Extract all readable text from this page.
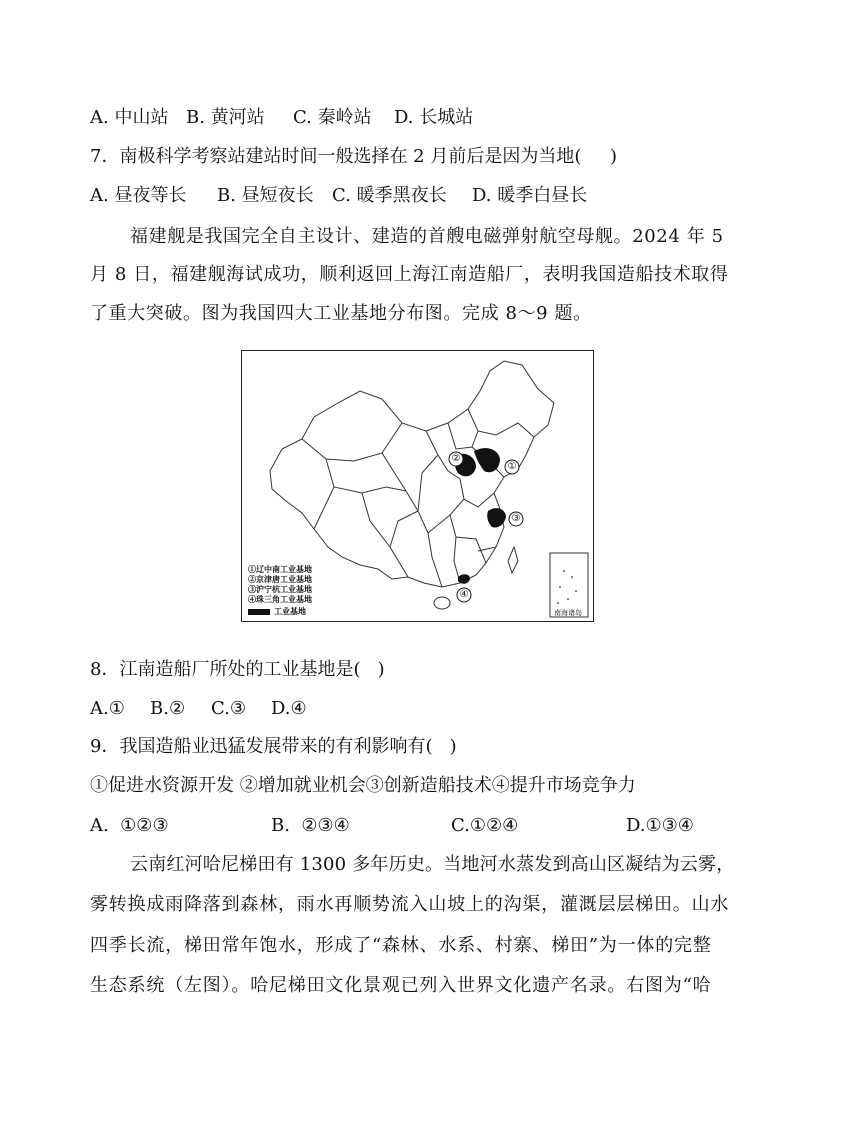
A. 中山站 B. 黄河站 C. 秦岭站 D. 长城站
7．南极科学考察站建站时间一般选择在 2 月前后是因为当地(     )
A. 昼夜等长 B. 昼短夜长 C. 暖季黑夜长 D. 暖季白昼长
福建舰是我国完全自主设计、建造的首艘电磁弹射航空母舰。2024 年 5
月 8 日，福建舰海试成功，顺利返回上海江南造船厂，表明我国造船技术取得
了重大突破。图为我国四大工业基地分布图。完成 8～9 题。
①
②
③
④
①辽中南工业基地
②京津唐工业基地
③沪宁杭工业基地
④珠三角工业基地
工业基地	南海诸岛
8．江南造船厂所处的工业基地是(   )
A.① B.② C.③ D.④
9．我国造船业迅猛发展带来的有利影响有(   )
①促进水资源开发 ②增加就业机会③创新造船技术④提升市场竞争力
A.  ①②③	B.  ②③④	C.①②④	D.①③④
云南红河哈尼梯田有 1300 多年历史。当地河水蒸发到高山区凝结为云雾，
雾转换成雨降落到森林，雨水再顺势流入山坡上的沟渠，灌溉层层梯田。山水
四季长流，梯田常年饱水，形成了“森林、水系、村寨、梯田”为一体的完整
生态系统（左图）。哈尼梯田文化景观已列入世界文化遗产名录。右图为“哈
